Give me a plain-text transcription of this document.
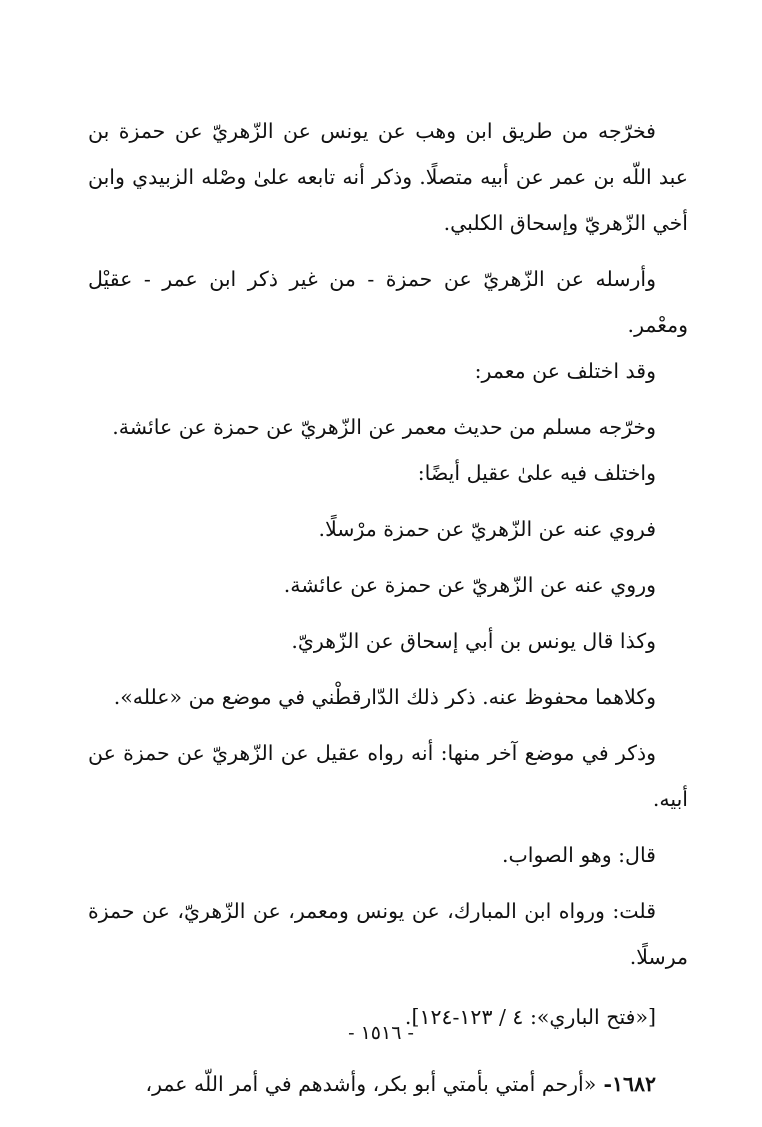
فخرّجه من طريق ابن وهب عن يونس عن الزّهريّ عن حمزة بن عبد اللّه بن عمر عن أبيه متصلًا. وذكر أنه تابعه علىٰ وصْله الزبيدي وابن أخي الزّهريّ وإسحاق الكلبي.

وأرسله عن الزّهريّ عن حمزة - من غير ذكر ابن عمر - عقيْل ومعْمر.

وقد اختلف عن معمر:

وخرّجه مسلم من حديث معمر عن الزّهريّ عن حمزة عن عائشة.

واختلف فيه علىٰ عقيل أيضًا:

فروي عنه عن الزّهريّ عن حمزة مرْسلًا.

وروي عنه عن الزّهريّ عن حمزة عن عائشة.

وكذا قال يونس بن أبي إسحاق عن الزّهريّ.

وكلاهما محفوظ عنه. ذكر ذلك الدّارقطْني في موضع من «علله».

وذكر في موضع آخر منها: أنه رواه عقيل عن الزّهريّ عن حمزة عن أبيه.

قال: وهو الصواب.

قلت: ورواه ابن المبارك، عن يونس ومعمر، عن الزّهريّ، عن حمزة مرسلًا.

[«فتح الباري»: ٤ / ١٢٣-١٢٤].

١٦٨٢- «أرحم أمتي بأمتي أبو بكر، وأشدهم في أمر اللّه عمر،

- ١٥١٦ -
